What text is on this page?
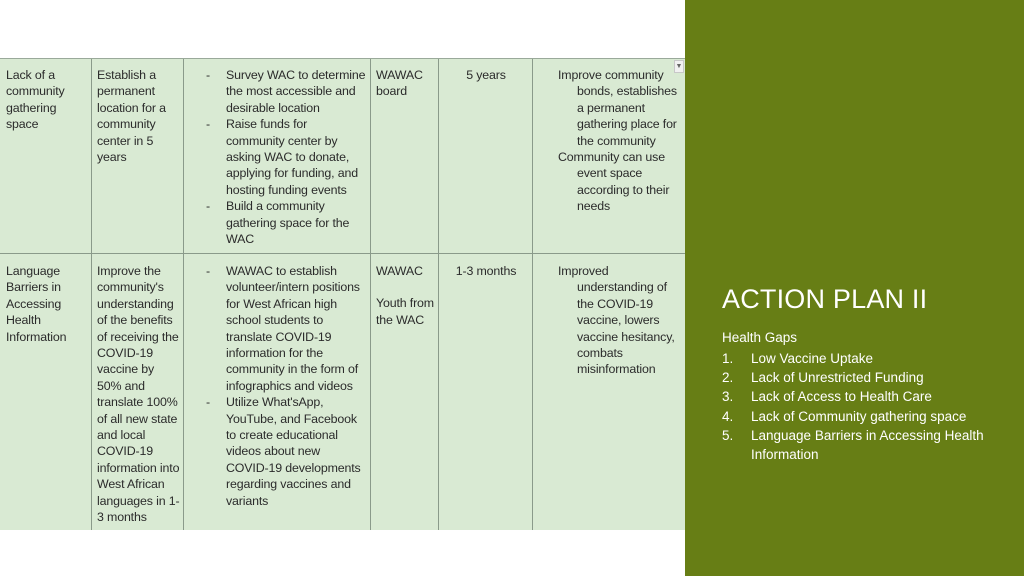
▼
Lack of a community gathering space
Establish a permanent location for a community center in 5 years
- Survey WAC to determine the most accessible and desirable location
- Raise funds for community center by asking WAC to donate, applying for funding, and hosting funding events
- Build a community gathering space for the WAC
WAWAC board
5 years	Improve community bonds, establishes a permanent gathering place for the community
Community can use event space according to their needs
Language Barriers in Accessing Health Information
Improve the community's understanding of the benefits of receiving the COVID-19 vaccine by 50% and translate 100% of all new state and local COVID-19 information into West African languages in 1-3 months
- WAWAC to establish volunteer/intern positions for West African high school students to translate COVID-19 information for the community in the form of infographics and videos
- Utilize What'sApp, YouTube, and Facebook to create educational videos about new COVID-19 developments regarding vaccines and variants
WAWAC
Youth from the WAC
1-3 months	Improved understanding of the COVID-19 vaccine, lowers vaccine hesitancy, combats misinformation
ACTION PLAN II
Health Gaps
1. Low Vaccine Uptake
2. Lack of Unrestricted Funding
3. Lack of Access to Health Care
4. Lack of Community gathering space
5. Language Barriers in Accessing Health Information
